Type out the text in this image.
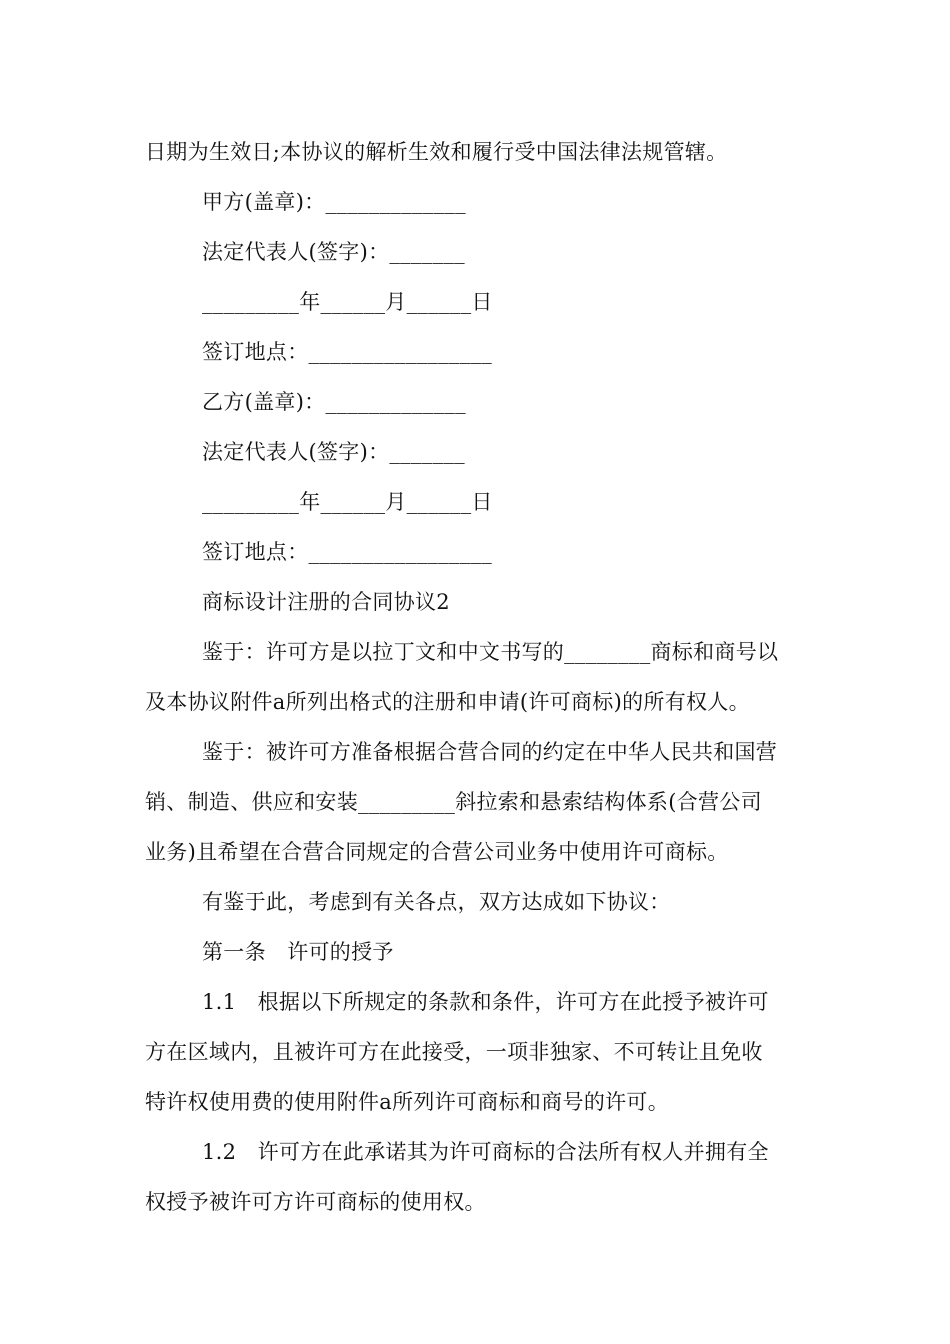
日期为生效日;本协议的解析生效和履行受中国法律法规管辖。
甲方(盖章)：_____________
法定代表人(签字)：_______
_________年______月______日
签订地点：_________________
乙方(盖章)：_____________
法定代表人(签字)：_______
_________年______月______日
签订地点：_________________
商标设计注册的合同协议2
鉴于：许可方是以拉丁文和中文书写的________商标和商号以
及本协议附件a所列出格式的注册和申请(许可商标)的所有权人。
鉴于：被许可方准备根据合营合同的约定在中华人民共和国营
销、制造、供应和安装_________斜拉索和悬索结构体系(合营公司
业务)且希望在合营合同规定的合营公司业务中使用许可商标。
有鉴于此，考虑到有关各点，双方达成如下协议：
第一条　许可的授予
1.1　根据以下所规定的条款和条件，许可方在此授予被许可
方在区域内，且被许可方在此接受，一项非独家、不可转让且免收
特许权使用费的使用附件a所列许可商标和商号的许可。
1.2　许可方在此承诺其为许可商标的合法所有权人并拥有全
权授予被许可方许可商标的使用权。
